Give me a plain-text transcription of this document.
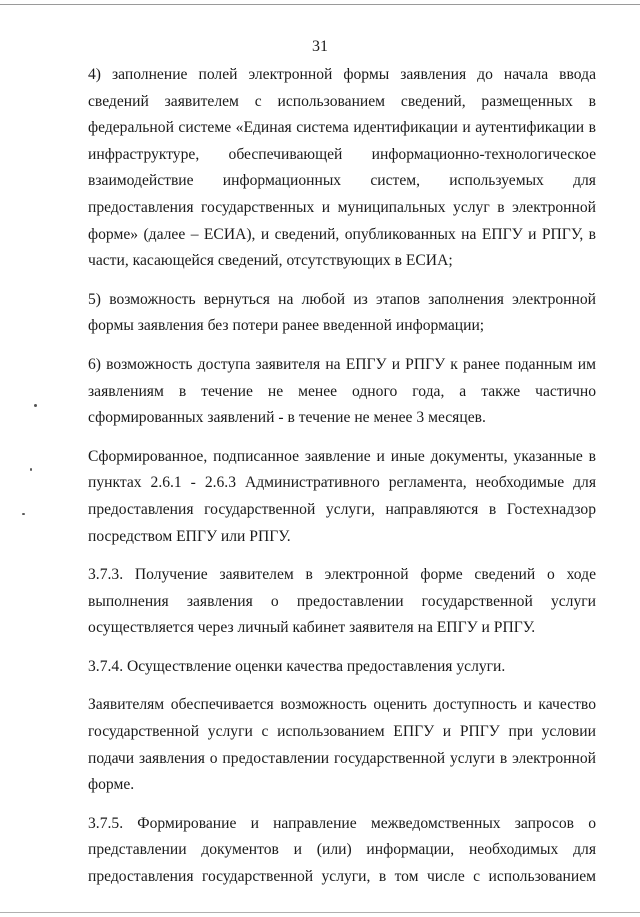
31

4) заполнение полей электронной формы заявления до начала ввода сведений заявителем с использованием сведений, размещенных в федеральной системе «Единая система идентификации и аутентификации в инфраструктуре, обеспечивающей информационно-технологическое взаимодействие информационных систем, используемых для предоставления государственных и муниципальных услуг в электронной форме» (далее – ЕСИА), и сведений, опубликованных на ЕПГУ и РПГУ, в части, касающейся сведений, отсутствующих в ЕСИА;

5) возможность вернуться на любой из этапов заполнения электронной формы заявления без потери ранее введенной информации;

6) возможность доступа заявителя на ЕПГУ и РПГУ к ранее поданным им заявлениям в течение не менее одного года, а также частично сформированных заявлений - в течение не менее 3 месяцев.

Сформированное, подписанное заявление и иные документы, указанные в пунктах 2.6.1 - 2.6.3 Административного регламента, необходимые для предоставления государственной услуги, направляются в Гостехнадзор посредством ЕПГУ или РПГУ.

3.7.3. Получение заявителем в электронной форме сведений о ходе выполнения заявления о предоставлении государственной услуги осуществляется через личный кабинет заявителя на ЕПГУ и РПГУ.

3.7.4. Осуществление оценки качества предоставления услуги.

Заявителям обеспечивается возможность оценить доступность и качество государственной услуги с использованием ЕПГУ и РПГУ при условии подачи заявления о предоставлении государственной услуги в электронной форме.

3.7.5. Формирование и направление межведомственных запросов о представлении документов и (или) информации, необходимых для предоставления государственной услуги, в том числе с использованием
